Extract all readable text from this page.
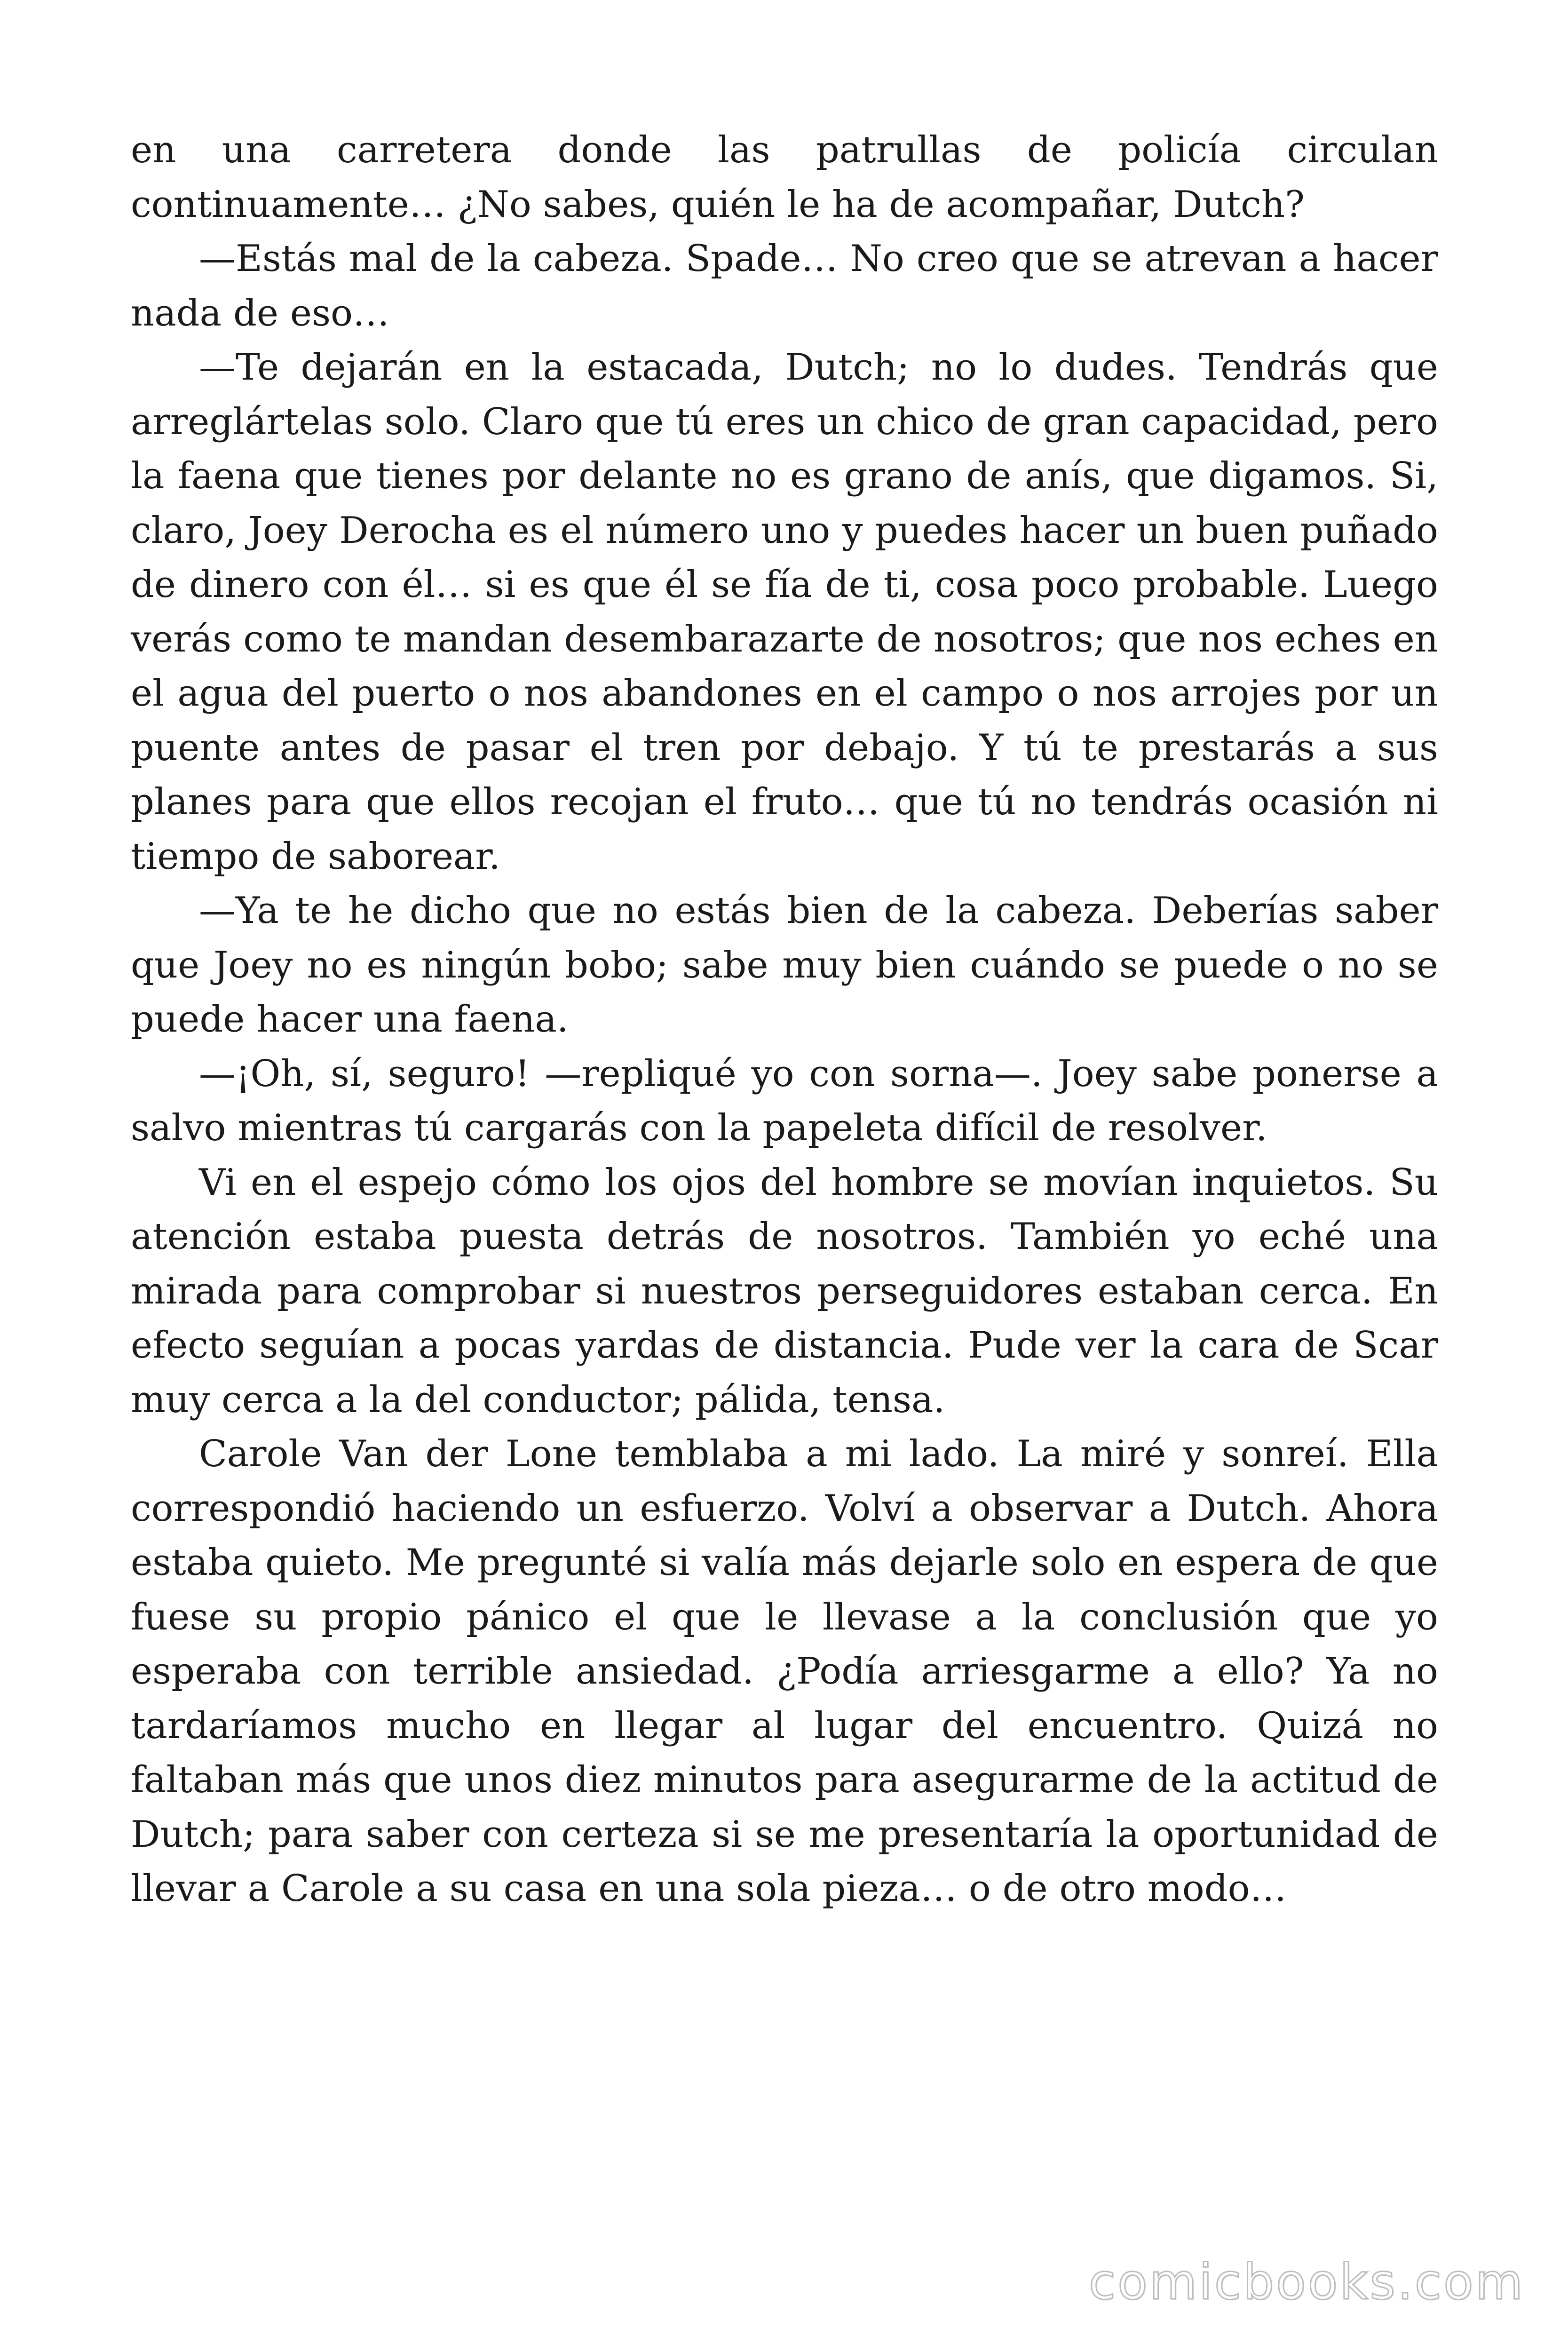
en una carretera donde las patrullas de policía circulan continuamente… ¿No sabes, quién le ha de acompañar, Dutch?

—Estás mal de la cabeza. Spade… No creo que se atrevan a hacer nada de eso…

—Te dejarán en la estacada, Dutch; no lo dudes. Tendrás que arreglártelas solo. Claro que tú eres un chico de gran capacidad, pero la faena que tienes por delante no es grano de anís, que digamos. Si, claro, Joey Derocha es el número uno y puedes hacer un buen puñado de dinero con él… si es que él se fía de ti, cosa poco probable. Luego verás como te mandan desembarazarte de nosotros; que nos eches en el agua del puerto o nos abandones en el campo o nos arrojes por un puente antes de pasar el tren por debajo. Y tú te prestarás a sus planes para que ellos recojan el fruto… que tú no tendrás ocasión ni tiempo de saborear.

—Ya te he dicho que no estás bien de la cabeza. Deberías saber que Joey no es ningún bobo; sabe muy bien cuándo se puede o no se puede hacer una faena.

—¡Oh, sí, seguro! —repliqué yo con sorna—. Joey sabe ponerse a salvo mientras tú cargarás con la papeleta difícil de resolver.

Vi en el espejo cómo los ojos del hombre se movían inquietos. Su atención estaba puesta detrás de nosotros. También yo eché una mirada para comprobar si nuestros perseguidores estaban cerca. En efecto seguían a pocas yardas de distancia. Pude ver la cara de Scar muy cerca a la del conductor; pálida, tensa.

Carole Van der Lone temblaba a mi lado. La miré y sonreí. Ella correspondió haciendo un esfuerzo. Volví a observar a Dutch. Ahora estaba quieto. Me pregunté si valía más dejarle solo en espera de que fuese su propio pánico el que le llevase a la conclusión que yo esperaba con terrible ansiedad. ¿Podía arriesgarme a ello? Ya no tardaríamos mucho en llegar al lugar del encuentro. Quizá no faltaban más que unos diez minutos para asegurarme de la actitud de Dutch; para saber con certeza si se me presentaría la oportunidad de llevar a Carole a su casa en una sola pieza… o de otro modo…

comicbooks.com
